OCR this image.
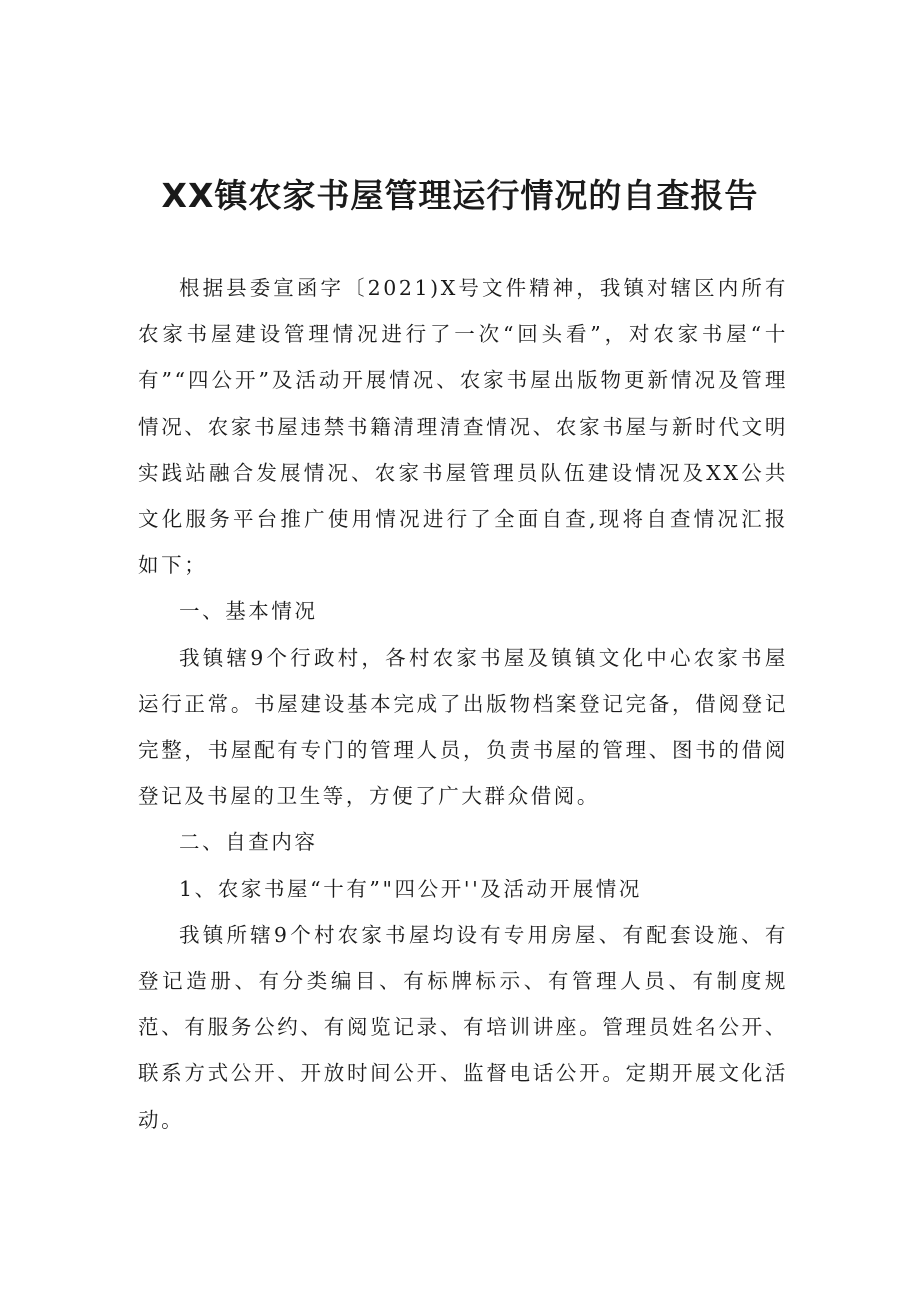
XX镇农家书屋管理运行情况的自查报告

根据县委宣函字〔2021)X号文件精神，我镇对辖区内所有农家书屋建设管理情况进行了一次“回头看”，对农家书屋“十有”“四公开”及活动开展情况、农家书屋出版物更新情况及管理情况、农家书屋违禁书籍清理清查情况、农家书屋与新时代文明实践站融合发展情况、农家书屋管理员队伍建设情况及XX公共文化服务平台推广使用情况进行了全面自查,现将自查情况汇报如下；

一、基本情况

我镇辖9个行政村，各村农家书屋及镇镇文化中心农家书屋运行正常。书屋建设基本完成了出版物档案登记完备，借阅登记完整，书屋配有专门的管理人员，负责书屋的管理、图书的借阅登记及书屋的卫生等，方便了广大群众借阅。

二、自查内容

1、农家书屋“十有”"四公开''及活动开展情况

我镇所辖9个村农家书屋均设有专用房屋、有配套设施、有登记造册、有分类编目、有标牌标示、有管理人员、有制度规范、有服务公约、有阅览记录、有培训讲座。管理员姓名公开、联系方式公开、开放时间公开、监督电话公开。定期开展文化活动。
